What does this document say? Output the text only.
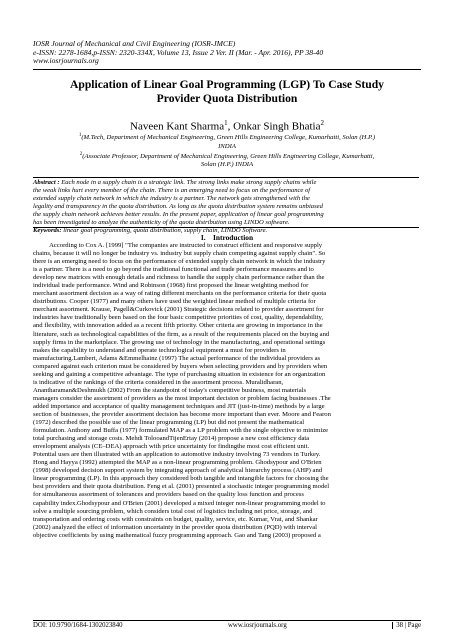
IOSR Journal of Mechanical and Civil Engineering (IOSR-JMCE)
e-ISSN: 2278-1684,p-ISSN: 2320-334X, Volume 13, Issue 2 Ver. II (Mar. - Apr. 2016), PP 38-40
www.iosrjournals.org
Application of Linear Goal Programming (LGP) To Case Study
Provider Quota Distribution
Naveen Kant Sharma$^1$, Onkar Singh Bhatia$^2$
$^1$(M.Tech, Department of Mechanical Engineering, Green Hills Engineering College, Kumarhatti, Solan (H.P.)
INDIA
$^2$(Associate Professor, Department of Mechanical Engineering, Green Hills Engineering College, Kumarhatti,
Solan (H.P.) INDIA
Abstract : Each node in a supply chain is a strategic link. The strong links make strong supply chains while
the weak links hurt every member of the chain. There is an emerging need to focus on the performance of
extended supply chain network in which the industry is a partner. The network gets strengthened with the
legality and transparency in the quota distribution. As long as the quota distribution system remains unbiased
the supply chain network achieves better results. In the present paper, application of linear goal programming
has been investigated to analyze the authenticity of the quota distribution using LINDO software.
Keywords: linear goal programming, quota distribution, supply chain, LINDO Software.
I. Introduction
According to Cox A. [1999] "The companies are instructed to construct efficient and responsive supply
chains, because it will no longer be industry vs. industry but supply chain competing against supply chain". So
there is an emerging need to focus on the performance of extended supply chain network in which the industry
is a partner. There is a need to go beyond the traditional functional and trade performance measures and to
develop new matrices with enough details and richness to handle the supply chain performance rather than the
individual trade performance. Wind and Robinson (1968) first proposed the linear weighting method for
merchant assortment decision as a way of rating different merchants on the performance criteria for their quota
distributions. Cooper (1977) and many others have used the weighted linear method of multiple criteria for
merchant assortment. Krause, Pagell&Curkovick (2001) Strategic decisions related to provider assortment for
industries have traditionally been based on the four basic competitive priorities of cost, quality, dependability,
and flexibility, with innovation added as a recent fifth priority. Other criteria are growing in importance in the
literature, such as technological capabilities of the firm, as a result of the requirements placed on the buying and
supply firms in the marketplace. The growing use of technology in the manufacturing, and operational settings
makes the capability to understand and operate technological equipment a must for providers in
manufacturing.Lambert, Adams &Emmelhainz (1997) The actual performance of the individual providers as
compared against each criterion must be considered by buyers when selecting providers and by providers when
seeking and gaining a competitive advantage. The type of purchasing situation in existence for an organization
is indicative of the rankings of the criteria considered in the assortment process. Muralidharan,
Anantharaman&Deshmukh (2002) From the standpoint of today's competitive business, most materials
managers consider the assortment of providers as the most important decision or problem facing businesses .The
added importance and acceptance of quality management techniques and JIT (just-in-time) methods by a large
section of businesses, the provider assortment decision has become more important than ever. Moore and Fearon
(1972) described the possible use of the linear programming (LP) but did not present the mathematical
formulation. Anthony and Buffa (1977) formulated MAP as a LP problem with the single objective to minimize
total purchasing and storage costs. Mehdi TolooandTijenErtay (2014) propose a new cost efficiency data
envelopment analysis (CE–DEA) approach with price uncertainty for findingthe most cost efficient unit.
Potential uses are then illustrated with an application to automotive industry involving 73 vendors in Turkey.
Hong and Hayya (1992) attempted the MAP as a non-linear programming problem. Ghodsypour and O'Brien
(1998) developed decision support system by integrating approach of analytical hierarchy process (AHP) and
linear programming (LP). In this approach they considered both tangible and intangible factors for choosing the
best providers and their quota distribution. Feng et al. (2001) presented a stochastic integer programming model
for simultaneous assortment of tolerances and providers based on the quality loss function and process
capability index.Ghodsypour and O'Brien (2001) developed a mixed integer non-linear programming model to
solve a multiple sourcing problem, which considers total cost of logistics including net price, storage, and
transportation and ordering costs with constraints on budget, quality, service, etc. Kumar, Vrat, and Shankar
(2002) analyzed the effect of information uncertainty in the provider quota distribution (PQD) with interval
objective coefficients by using mathematical fuzzy programming approach. Gao and Tang (2003) proposed a
DOI: 10.9790/1684-1302023840	www.iosrjournals.org	38 | Page
